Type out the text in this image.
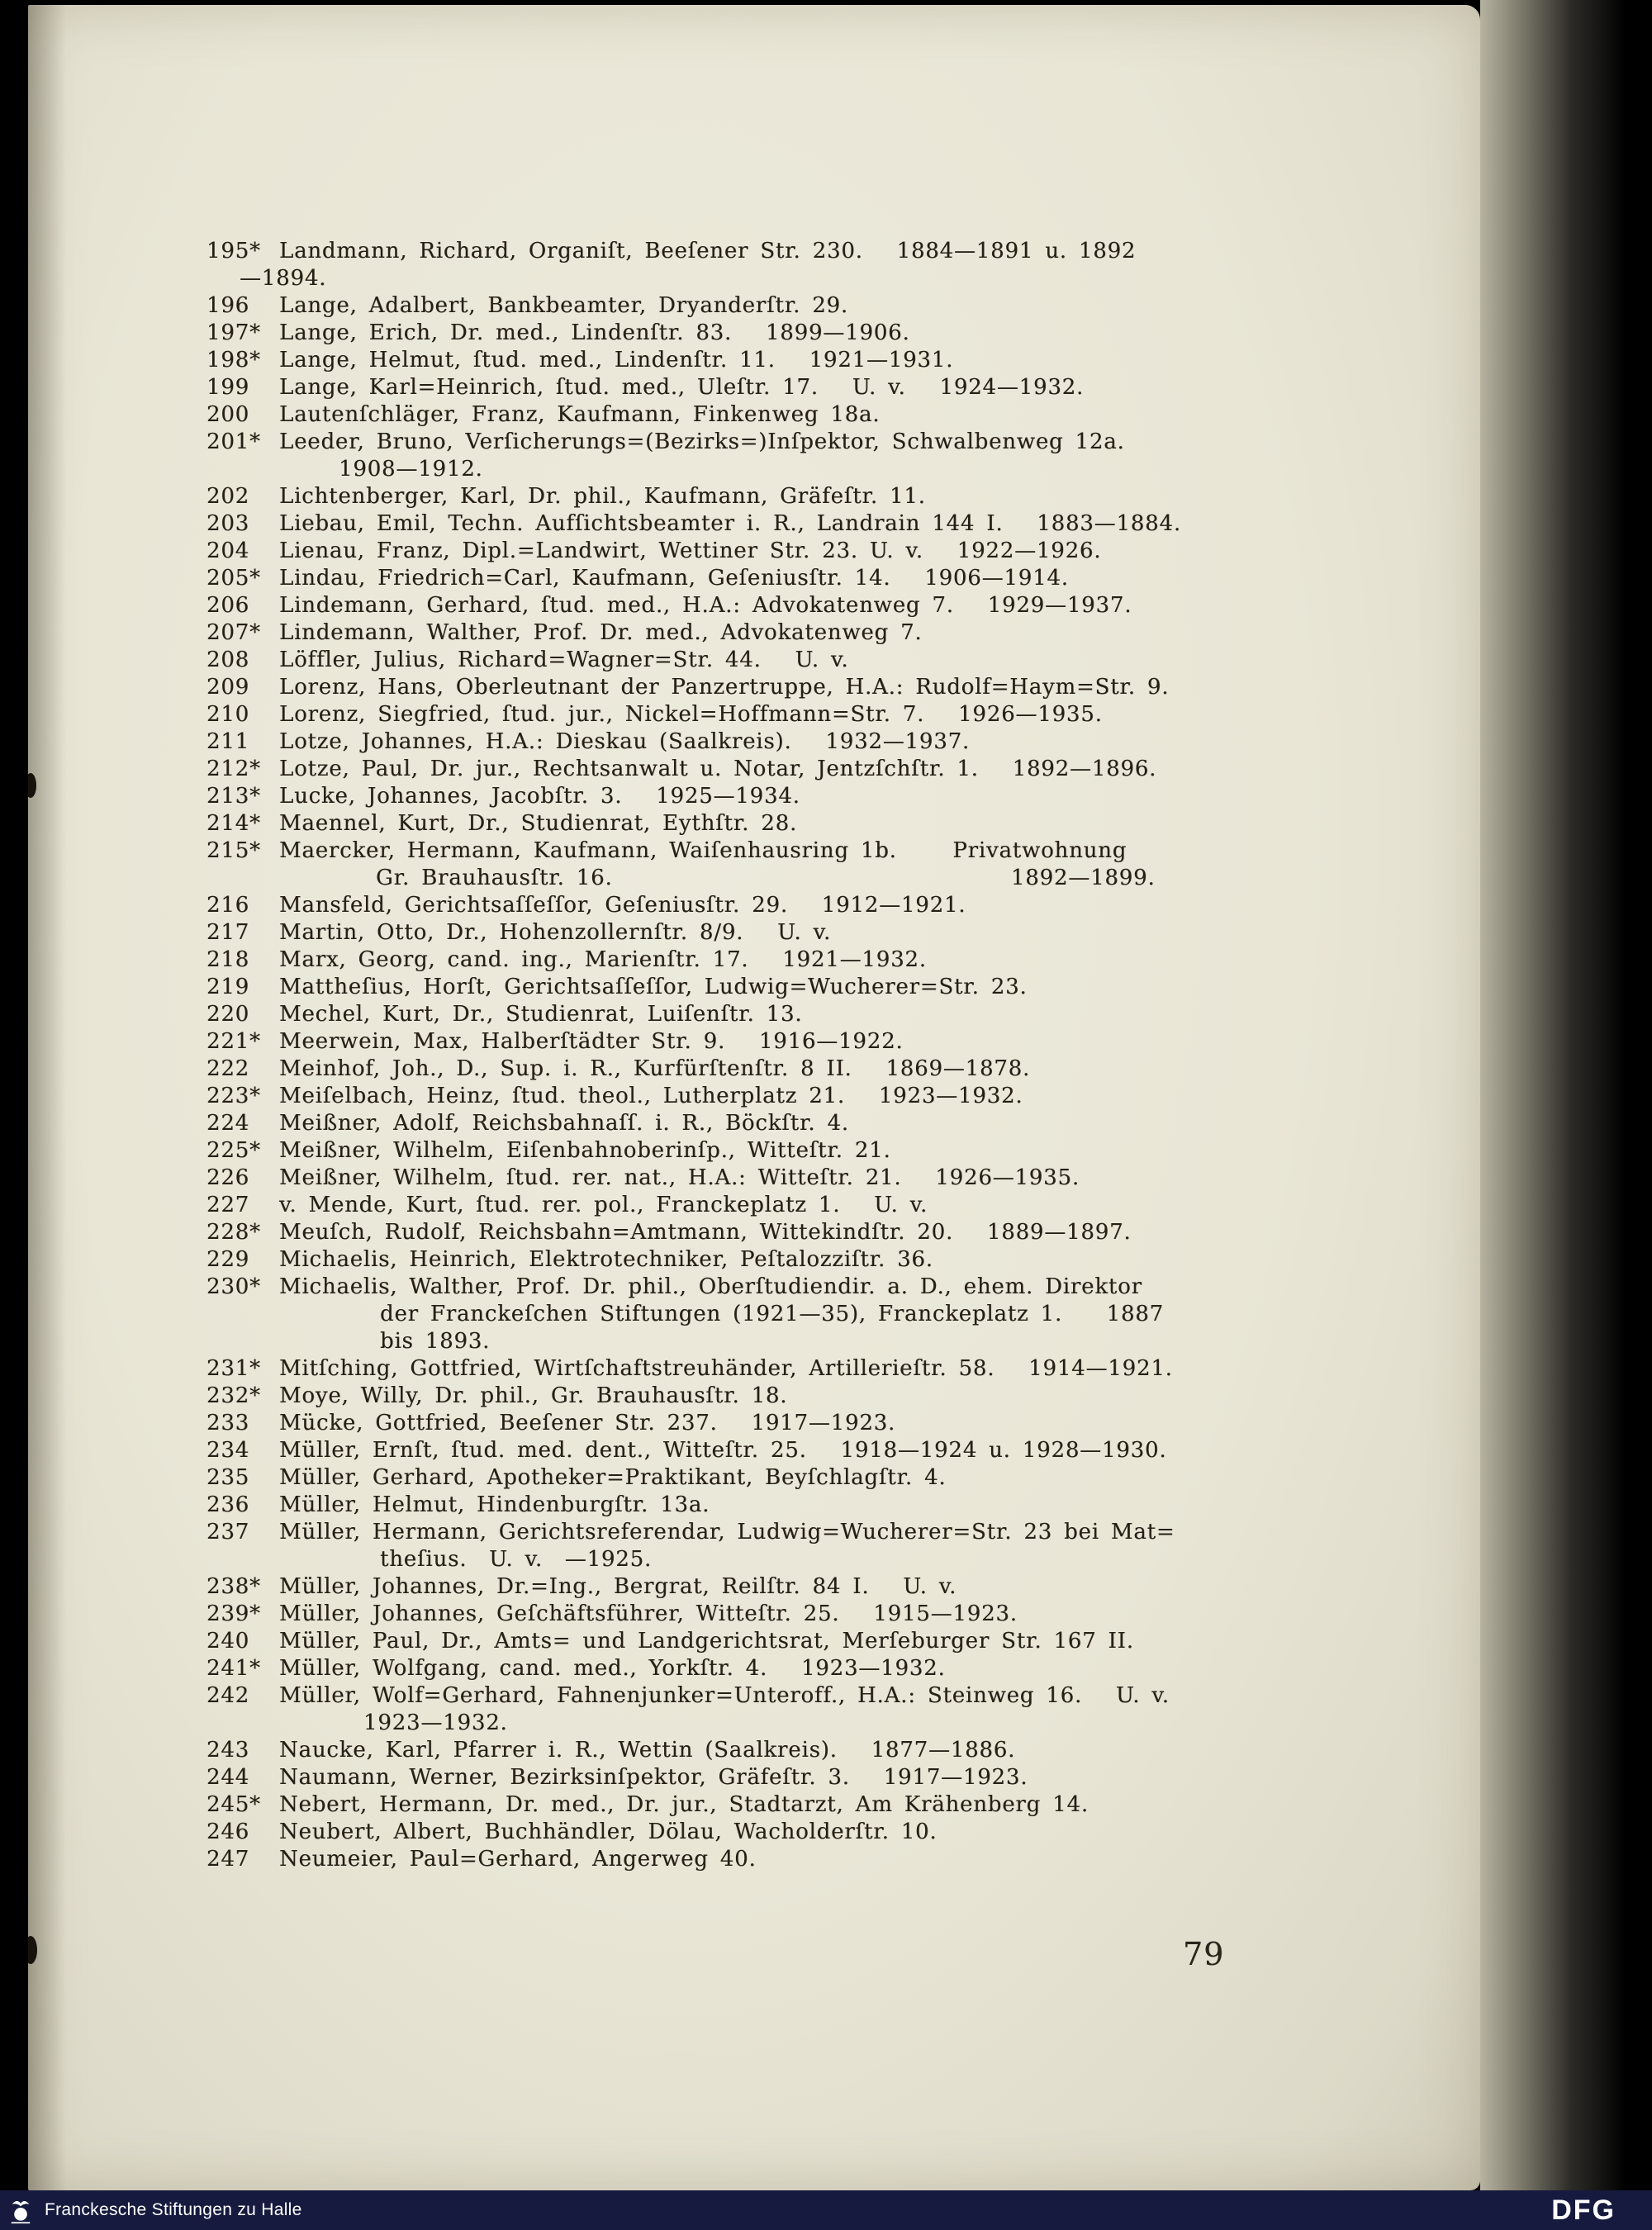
195* Landmann, Richard, Organiſt, Beeſener Str. 230.  1884—1891 u. 1892
—1894.
196 Lange, Adalbert, Bankbeamter, Dryanderſtr. 29.
197* Lange, Erich, Dr. med., Lindenſtr. 83.  1899—1906.
198* Lange, Helmut, ſtud. med., Lindenſtr. 11.  1921—1931.
199 Lange, Karl=Heinrich, ſtud. med., Uleſtr. 17.  U. v.  1924—1932.
200 Lautenſchläger, Franz, Kaufmann, Finkenweg 18a.
201* Leeder, Bruno, Verſicherungs=(Bezirks=)Inſpektor, Schwalbenweg 12a.
1908—1912.
202 Lichtenberger, Karl, Dr. phil., Kaufmann, Gräfeſtr. 11.
203 Liebau, Emil, Techn. Aufſichtsbeamter i. R., Landrain 144 I.  1883—1884.
204 Lienau, Franz, Dipl.=Landwirt, Wettiner Str. 23. U. v.  1922—1926.
205* Lindau, Friedrich=Carl, Kaufmann, Geſeniusſtr. 14.  1906—1914.
206 Lindemann, Gerhard, ſtud. med., H.A.: Advokatenweg 7.  1929—1937.
207* Lindemann, Walther, Prof. Dr. med., Advokatenweg 7.
208 Löffler, Julius, Richard=Wagner=Str. 44.  U. v.
209 Lorenz, Hans, Oberleutnant der Panzertruppe, H.A.: Rudolf=Haym=Str. 9.
210 Lorenz, Siegfried, ſtud. jur., Nickel=Hoffmann=Str. 7.  1926—1935.
211 Lotze, Johannes, H.A.: Dieskau (Saalkreis).  1932—1937.
212* Lotze, Paul, Dr. jur., Rechtsanwalt u. Notar, Jentzſchſtr. 1.  1892—1896.
213* Lucke, Johannes, Jacobſtr. 3.  1925—1934.
214* Maennel, Kurt, Dr., Studienrat, Eythſtr. 28.
215* Maercker, Hermann, Kaufmann, Waiſenhausring 1b.   Privatwohnung
Gr. Brauhausſtr. 16.                  1892—1899.
216 Mansfeld, Gerichtsaſſeſſor, Geſeniusſtr. 29.  1912—1921.
217 Martin, Otto, Dr., Hohenzollernſtr. 8/9.  U. v.
218 Marx, Georg, cand. ing., Marienſtr. 17.  1921—1932.
219 Mattheſius, Horſt, Gerichtsaſſeſſor, Ludwig=Wucherer=Str. 23.
220 Mechel, Kurt, Dr., Studienrat, Luiſenſtr. 13.
221* Meerwein, Max, Halberſtädter Str. 9.  1916—1922.
222 Meinhof, Joh., D., Sup. i. R., Kurfürſtenſtr. 8 II.  1869—1878.
223* Meiſelbach, Heinz, ſtud. theol., Lutherplatz 21.  1923—1932.
224 Meißner, Adolf, Reichsbahnaſſ. i. R., Böckſtr. 4.
225* Meißner, Wilhelm, Eiſenbahnoberinſp., Witteſtr. 21.
226 Meißner, Wilhelm, ſtud. rer. nat., H.A.: Witteſtr. 21.  1926—1935.
227 v. Mende, Kurt, ſtud. rer. pol., Franckeplatz 1.  U. v.
228* Meuſch, Rudolf, Reichsbahn=Amtmann, Wittekindſtr. 20.  1889—1897.
229 Michaelis, Heinrich, Elektrotechniker, Peſtalozziſtr. 36.
230* Michaelis, Walther, Prof. Dr. phil., Oberſtudiendir. a. D., ehem. Direktor
der Franckeſchen Stiftungen (1921—35), Franckeplatz 1.  1887
bis 1893.
231* Mitſching, Gottfried, Wirtſchaftstreuhänder, Artillerieſtr. 58.  1914—1921.
232* Moye, Willy, Dr. phil., Gr. Brauhausſtr. 18.
233 Mücke, Gottfried, Beeſener Str. 237.  1917—1923.
234 Müller, Ernſt, ſtud. med. dent., Witteſtr. 25.  1918—1924 u. 1928—1930.
235 Müller, Gerhard, Apotheker=Praktikant, Beyſchlagſtr. 4.
236 Müller, Helmut, Hindenburgſtr. 13a.
237 Müller, Hermann, Gerichtsreferendar, Ludwig=Wucherer=Str. 23 bei Mat=
theſius. U. v. —1925.
238* Müller, Johannes, Dr.=Ing., Bergrat, Reilſtr. 84 I.  U. v.
239* Müller, Johannes, Geſchäftsführer, Witteſtr. 25.  1915—1923.
240 Müller, Paul, Dr., Amts= und Landgerichtsrat, Merſeburger Str. 167 II.
241* Müller, Wolfgang, cand. med., Yorkſtr. 4.  1923—1932.
242 Müller, Wolf=Gerhard, Fahnenjunker=Unteroff., H.A.: Steinweg 16.  U. v.
1923—1932.
243 Naucke, Karl, Pfarrer i. R., Wettin (Saalkreis).  1877—1886.
244 Naumann, Werner, Bezirksinſpektor, Gräfeſtr. 3.  1917—1923.
245* Nebert, Hermann, Dr. med., Dr. jur., Stadtarzt, Am Krähenberg 14.
246 Neubert, Albert, Buchhändler, Dölau, Wacholderſtr. 10.
247 Neumeier, Paul=Gerhard, Angerweg 40.
79
Franckesche Stiftungen zu Halle	DFG
